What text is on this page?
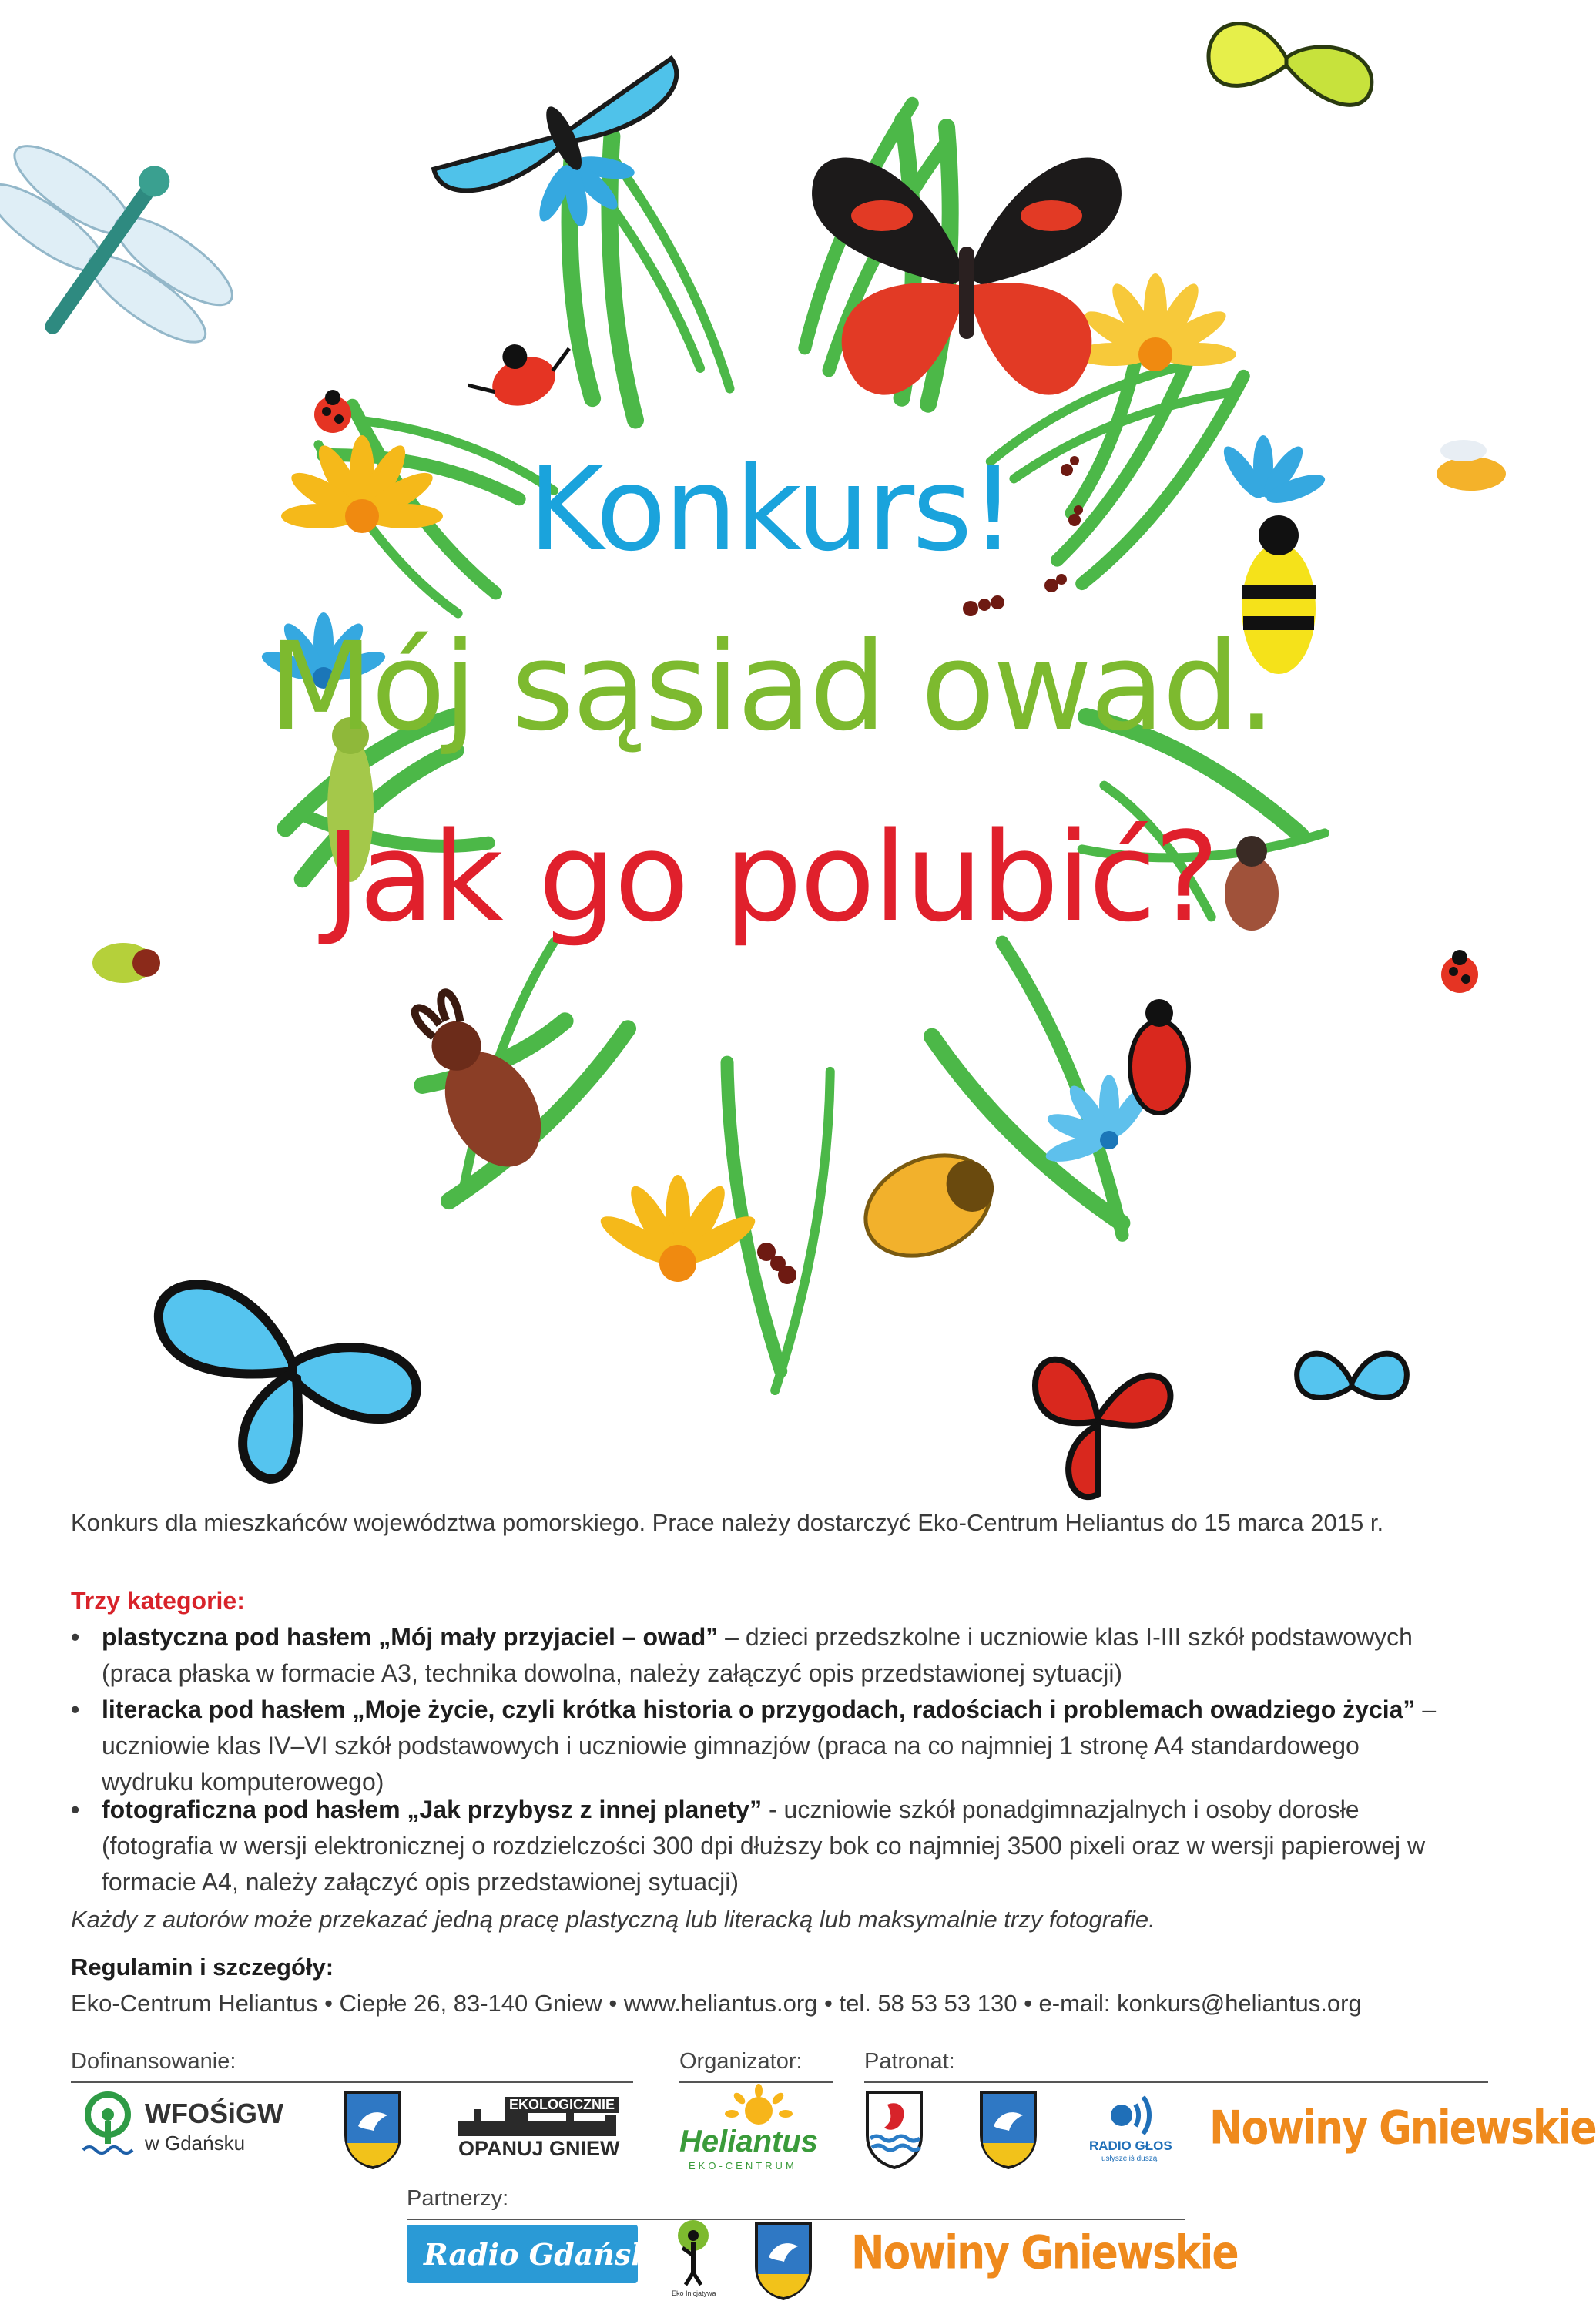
Konkurs!
Mój sąsiad owad.
Jak go polubić?
Konkurs dla mieszkańców województwa pomorskiego. Prace należy dostarczyć Eko-Centrum Heliantus do 15 marca 2015 r.
Trzy kategorie:
• plastyczna pod hasłem „Mój mały przyjaciel – owad” – dzieci przedszkolne i uczniowie klas I-III szkół podstawowych (praca płaska w formacie A3, technika dowolna, należy załączyć opis przedstawionej sytuacji)
• literacka pod hasłem „Moje życie, czyli krótka historia o przygodach, radościach i problemach owadziego życia” – uczniowie klas IV–VI szkół podstawowych i uczniowie gimnazjów (praca na co najmniej 1 stronę A4 standardowego wydruku komputerowego)
• fotograficzna pod hasłem „Jak przybysz z innej planety” - uczniowie szkół ponadgimnazjalnych i osoby dorosłe (fotografia w wersji elektronicznej o rozdzielczości 300 dpi dłuższy bok co najmniej 3500 pixeli oraz w wersji papierowej w formacie A4, należy załączyć opis przedstawionej sytuacji)
Każdy z autorów może przekazać jedną pracę plastyczną lub literacką lub maksymalnie trzy fotografie.
Regulamin i szczegóły:
Eko-Centrum Heliantus • Ciepłe 26, 83-140 Gniew • www.heliantus.org • tel. 58 53 53 130 • e-mail: konkurs@heliantus.org
Dofinansowanie:	Organizator:	Patronat:
WFOŚiGW
w Gdańsku
EKOLOGICZNIE
OPANUJ GNIEW Heliantus
EKO-CENTRUM
RADIO GŁOS
usłyszeliś duszą
Nowiny Gniewskie
Partnerzy:
Radio Gdańsk
Eko Inicjatywa
Nowiny Gniewskie
